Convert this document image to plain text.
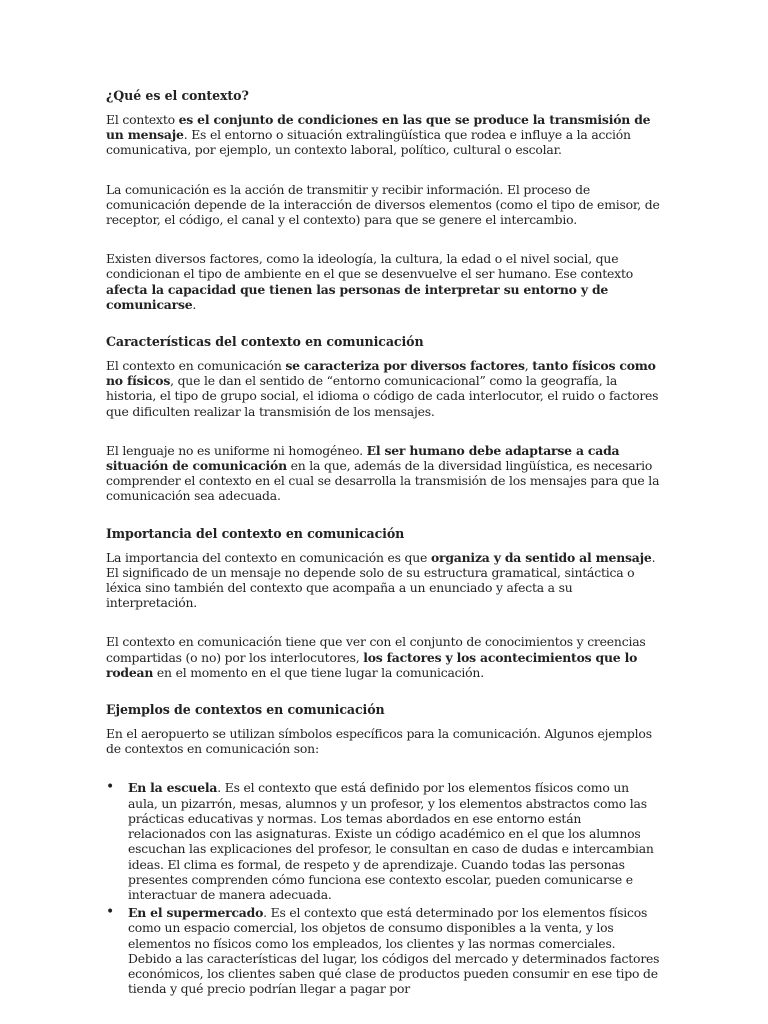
¿Qué es el contexto?

El contexto es el conjunto de condiciones en las que se produce la transmisión de un mensaje. Es el entorno o situación extralingüística que rodea e influye a la acción comunicativa, por ejemplo, un contexto laboral, político, cultural o escolar.

La comunicación es la acción de transmitir y recibir información. El proceso de comunicación depende de la interacción de diversos elementos (como el tipo de emisor, de receptor, el código, el canal y el contexto) para que se genere el intercambio.

Existen diversos factores, como la ideología, la cultura, la edad o el nivel social, que condicionan el tipo de ambiente en el que se desenvuelve el ser humano. Ese contexto afecta la capacidad que tienen las personas de interpretar su entorno y de comunicarse.

Características del contexto en comunicación

El contexto en comunicación se caracteriza por diversos factores, tanto físicos como no físicos, que le dan el sentido de “entorno comunicacional” como la geografía, la historia, el tipo de grupo social, el idioma o código de cada interlocutor, el ruido o factores que dificulten realizar la transmisión de los mensajes.

El lenguaje no es uniforme ni homogéneo. El ser humano debe adaptarse a cada situación de comunicación en la que, además de la diversidad lingüística, es necesario comprender el contexto en el cual se desarrolla la transmisión de los mensajes para que la comunicación sea adecuada.

Importancia del contexto en comunicación

La importancia del contexto en comunicación es que organiza y da sentido al mensaje. El significado de un mensaje no depende solo de su estructura gramatical, sintáctica o léxica sino también del contexto que acompaña a un enunciado y afecta a su interpretación.

El contexto en comunicación tiene que ver con el conjunto de conocimientos y creencias compartidas (o no) por los interlocutores, los factores y los acontecimientos que lo rodean en el momento en el que tiene lugar la comunicación.

Ejemplos de contextos en comunicación

En el aeropuerto se utilizan símbolos específicos para la comunicación. Algunos ejemplos de contextos en comunicación son:

• En la escuela. Es el contexto que está definido por los elementos físicos como un aula, un pizarrón, mesas, alumnos y un profesor, y los elementos abstractos como las prácticas educativas y normas. Los temas abordados en ese entorno están relacionados con las asignaturas. Existe un código académico en el que los alumnos escuchan las explicaciones del profesor, le consultan en caso de dudas e intercambian ideas. El clima es formal, de respeto y de aprendizaje. Cuando todas las personas presentes comprenden cómo funciona ese contexto escolar, pueden comunicarse e interactuar de manera adecuada.
• En el supermercado. Es el contexto que está determinado por los elementos físicos como un espacio comercial, los objetos de consumo disponibles a la venta, y los elementos no físicos como los empleados, los clientes y las normas comerciales. Debido a las características del lugar, los códigos del mercado y determinados factores económicos, los clientes saben qué clase de productos pueden consumir en ese tipo de tienda y qué precio podrían llegar a pagar por
